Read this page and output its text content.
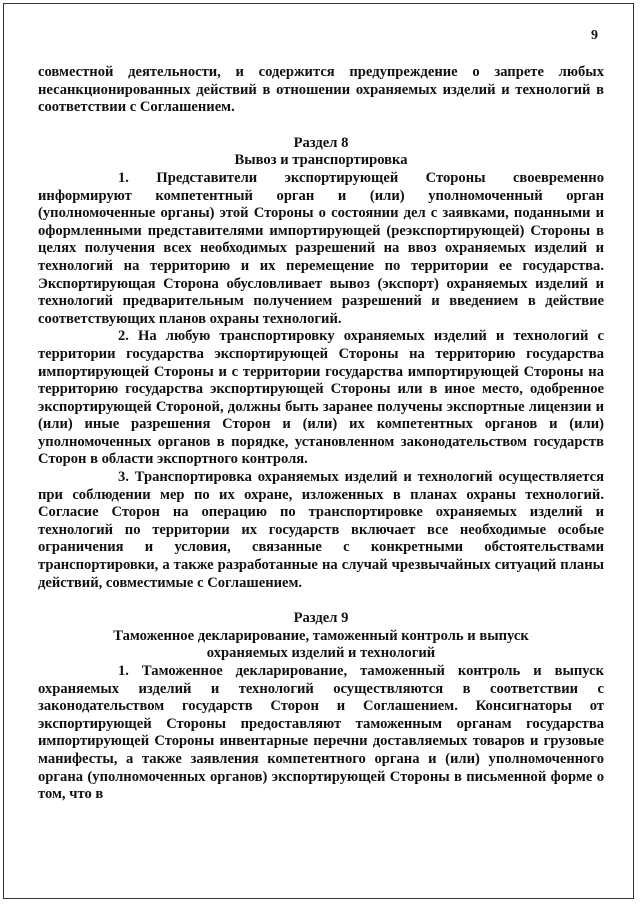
9

совместной деятельности, и содержится предупреждение о запрете любых несанкционированных действий в отношении охраняемых изделий и технологий в соответствии с Соглашением.

Раздел 8

Вывоз и транспортировка

1. Представители экспортирующей Стороны своевременно информируют компетентный орган и (или) уполномоченный орган (уполномоченные органы) этой Стороны о состоянии дел с заявками, поданными и оформленными представителями импортирующей (реэкспортирующей) Стороны в целях получения всех необходимых разрешений на ввоз охраняемых изделий и технологий на территорию и их перемещение по территории ее государства. Экспортирующая Сторона обусловливает вывоз (экспорт) охраняемых изделий и технологий предварительным получением разрешений и введением в действие соответствующих планов охраны технологий.

2. На любую транспортировку охраняемых изделий и технологий с территории государства экспортирующей Стороны на территорию государства импортирующей Стороны и с территории государства импортирующей Стороны на территорию государства экспортирующей Стороны или в иное место, одобренное экспортирующей Стороной, должны быть заранее получены экспортные лицензии и (или) иные разрешения Сторон и (или) их компетентных органов и (или) уполномоченных органов в порядке, установленном законодательством государств Сторон в области экспортного контроля.

3. Транспортировка охраняемых изделий и технологий осуществляется при соблюдении мер по их охране, изложенных в планах охраны технологий. Согласие Сторон на операцию по транспортировке охраняемых изделий и технологий по территории их государств включает все необходимые особые ограничения и условия, связанные с конкретными обстоятельствами транспортировки, а также разработанные на случай чрезвычайных ситуаций планы действий, совместимые с Соглашением.

Раздел 9

Таможенное декларирование, таможенный контроль и выпуск

охраняемых изделий и технологий

1. Таможенное декларирование, таможенный контроль и выпуск охраняемых изделий и технологий осуществляются в соответствии с законодательством государств Сторон и Соглашением. Консигнаторы от экспортирующей Стороны предоставляют таможенным органам государства импортирующей Стороны инвентарные перечни доставляемых товаров и грузовые манифесты, а также заявления компетентного органа и (или) уполномоченного органа (уполномоченных органов) экспортирующей Стороны в письменной форме о том, что в
